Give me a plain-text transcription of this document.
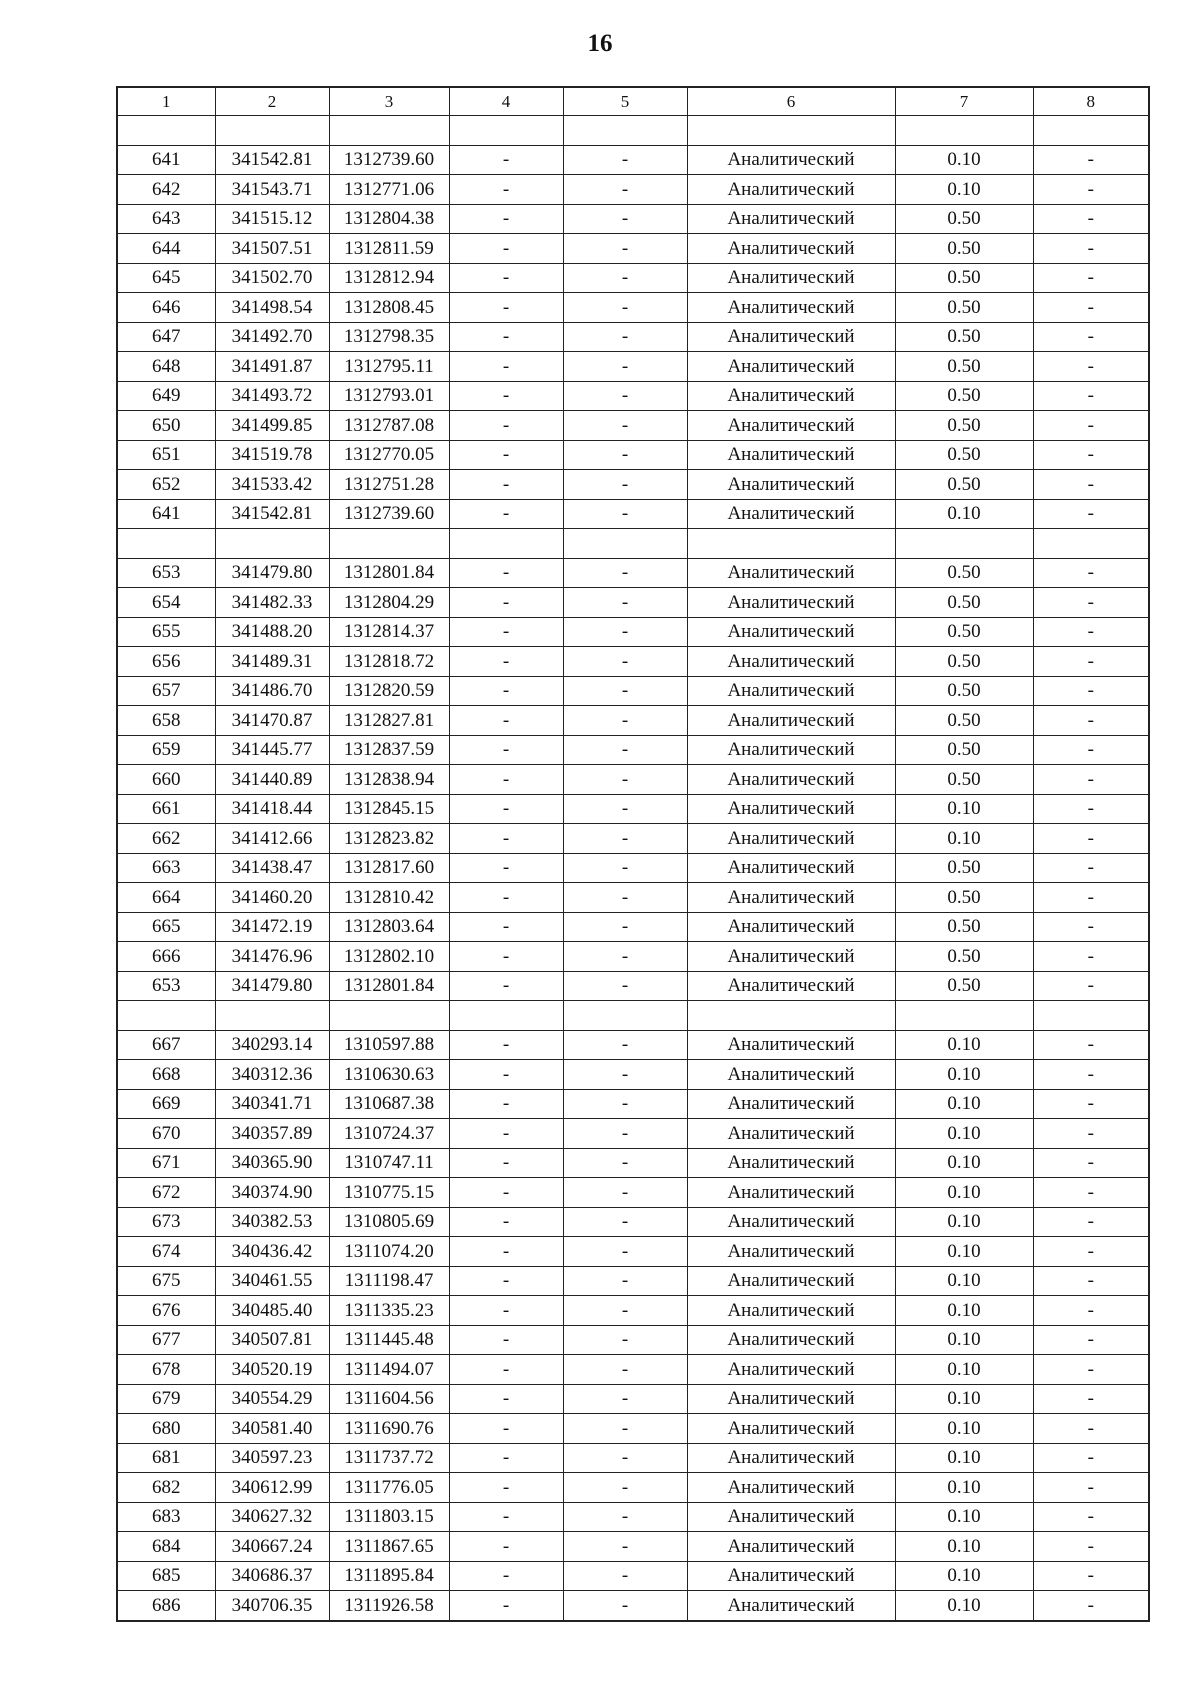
16
1	2	3	4	5	6	7	8

641	341542.81	1312739.60	-	-	Аналитический	0.10	-
642	341543.71	1312771.06	-	-	Аналитический	0.10	-
643	341515.12	1312804.38	-	-	Аналитический	0.50	-
644	341507.51	1312811.59	-	-	Аналитический	0.50	-
645	341502.70	1312812.94	-	-	Аналитический	0.50	-
646	341498.54	1312808.45	-	-	Аналитический	0.50	-
647	341492.70	1312798.35	-	-	Аналитический	0.50	-
648	341491.87	1312795.11	-	-	Аналитический	0.50	-
649	341493.72	1312793.01	-	-	Аналитический	0.50	-
650	341499.85	1312787.08	-	-	Аналитический	0.50	-
651	341519.78	1312770.05	-	-	Аналитический	0.50	-
652	341533.42	1312751.28	-	-	Аналитический	0.50	-
641	341542.81	1312739.60	-	-	Аналитический	0.10	-

653	341479.80	1312801.84	-	-	Аналитический	0.50	-
654	341482.33	1312804.29	-	-	Аналитический	0.50	-
655	341488.20	1312814.37	-	-	Аналитический	0.50	-
656	341489.31	1312818.72	-	-	Аналитический	0.50	-
657	341486.70	1312820.59	-	-	Аналитический	0.50	-
658	341470.87	1312827.81	-	-	Аналитический	0.50	-
659	341445.77	1312837.59	-	-	Аналитический	0.50	-
660	341440.89	1312838.94	-	-	Аналитический	0.50	-
661	341418.44	1312845.15	-	-	Аналитический	0.10	-
662	341412.66	1312823.82	-	-	Аналитический	0.10	-
663	341438.47	1312817.60	-	-	Аналитический	0.50	-
664	341460.20	1312810.42	-	-	Аналитический	0.50	-
665	341472.19	1312803.64	-	-	Аналитический	0.50	-
666	341476.96	1312802.10	-	-	Аналитический	0.50	-
653	341479.80	1312801.84	-	-	Аналитический	0.50	-

667	340293.14	1310597.88	-	-	Аналитический	0.10	-
668	340312.36	1310630.63	-	-	Аналитический	0.10	-
669	340341.71	1310687.38	-	-	Аналитический	0.10	-
670	340357.89	1310724.37	-	-	Аналитический	0.10	-
671	340365.90	1310747.11	-	-	Аналитический	0.10	-
672	340374.90	1310775.15	-	-	Аналитический	0.10	-
673	340382.53	1310805.69	-	-	Аналитический	0.10	-
674	340436.42	1311074.20	-	-	Аналитический	0.10	-
675	340461.55	1311198.47	-	-	Аналитический	0.10	-
676	340485.40	1311335.23	-	-	Аналитический	0.10	-
677	340507.81	1311445.48	-	-	Аналитический	0.10	-
678	340520.19	1311494.07	-	-	Аналитический	0.10	-
679	340554.29	1311604.56	-	-	Аналитический	0.10	-
680	340581.40	1311690.76	-	-	Аналитический	0.10	-
681	340597.23	1311737.72	-	-	Аналитический	0.10	-
682	340612.99	1311776.05	-	-	Аналитический	0.10	-
683	340627.32	1311803.15	-	-	Аналитический	0.10	-
684	340667.24	1311867.65	-	-	Аналитический	0.10	-
685	340686.37	1311895.84	-	-	Аналитический	0.10	-
686	340706.35	1311926.58	-	-	Аналитический	0.10	-
